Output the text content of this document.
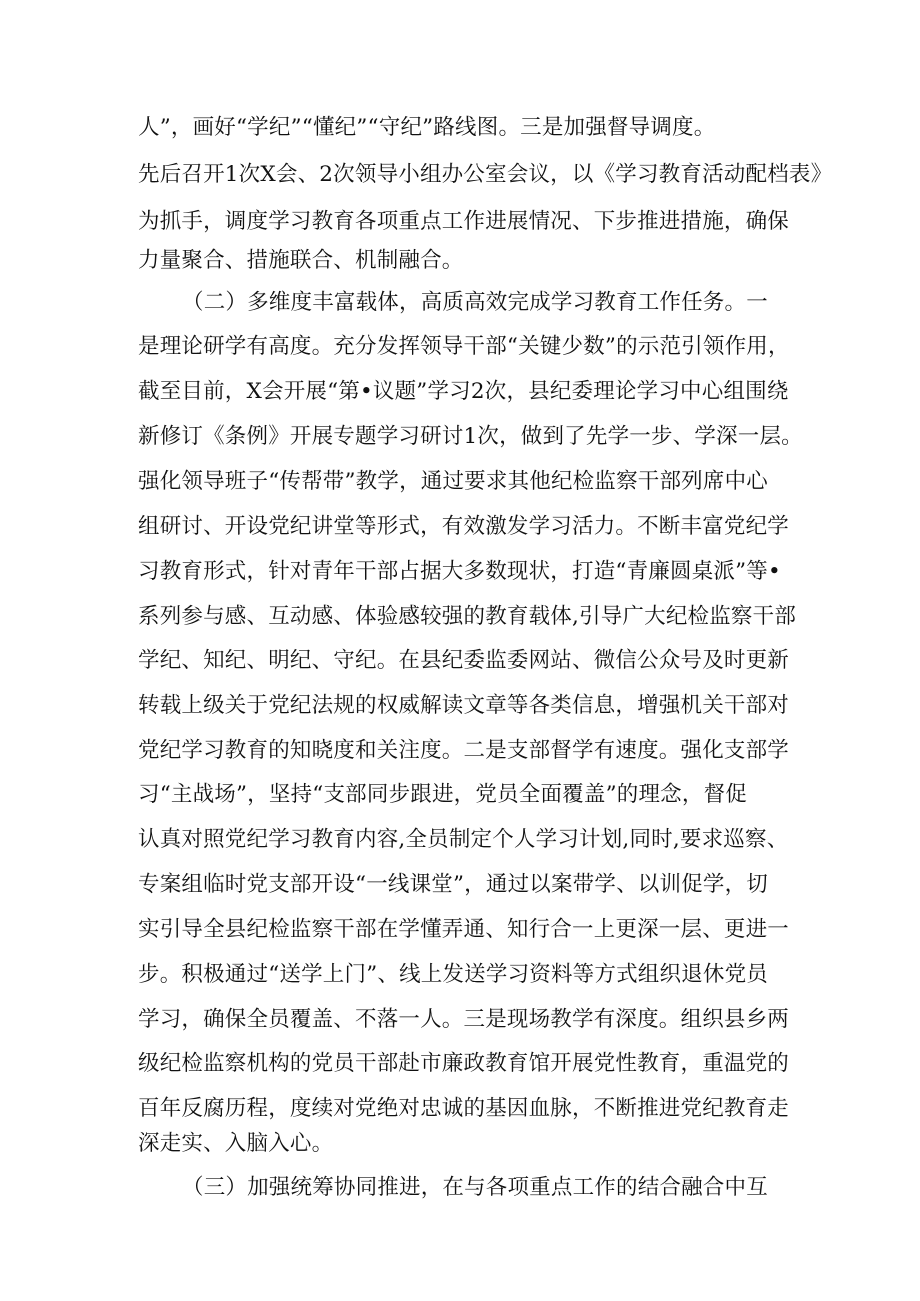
人”，画好“学纪”“懂纪”“守纪”路线图。三是加强督导调度。
先后召开1次X会、2次领导小组办公室会议，以《学习教育活动配档表》
为抓手，调度学习教育各项重点工作进展情况、下步推进措施，确保
力量聚合、措施联合、机制融合。
（二）多维度丰富载体，高质高效完成学习教育工作任务。一
是理论研学有高度。充分发挥领导干部“关键少数”的示范引领作用，
截至目前，X会开展“第•议题”学习2次，县纪委理论学习中心组围绕
新修订《条例》开展专题学习研讨1次，做到了先学一步、学深一层。
强化领导班子“传帮带”教学，通过要求其他纪检监察干部列席中心
组研讨、开设党纪讲堂等形式，有效激发学习活力。不断丰富党纪学
习教育形式，针对青年干部占据大多数现状，打造“青廉圆桌派”等•
系列参与感、互动感、体验感较强的教育载体,引导广大纪检监察干部
学纪、知纪、明纪、守纪。在县纪委监委网站、微信公众号及时更新
转载上级关于党纪法规的权威解读文章等各类信息，增强机关干部对
党纪学习教育的知晓度和关注度。二是支部督学有速度。强化支部学
习“主战场”，坚持“支部同步跟进，党员全面覆盖”的理念，督促
认真对照党纪学习教育内容,全员制定个人学习计划,同时,要求巡察、
专案组临时党支部开设“一线课堂”，通过以案带学、以训促学，切
实引导全县纪检监察干部在学懂弄通、知行合一上更深一层、更进一
步。积极通过“送学上门”、线上发送学习资料等方式组织退休党员
学习，确保全员覆盖、不落一人。三是现场教学有深度。组织县乡两
级纪检监察机构的党员干部赴市廉政教育馆开展党性教育，重温党的
百年反腐历程，度续对党绝对忠诚的基因血脉，不断推进党纪教育走
深走实、入脑入心。
（三）加强统筹协同推进，在与各项重点工作的结合融合中互
